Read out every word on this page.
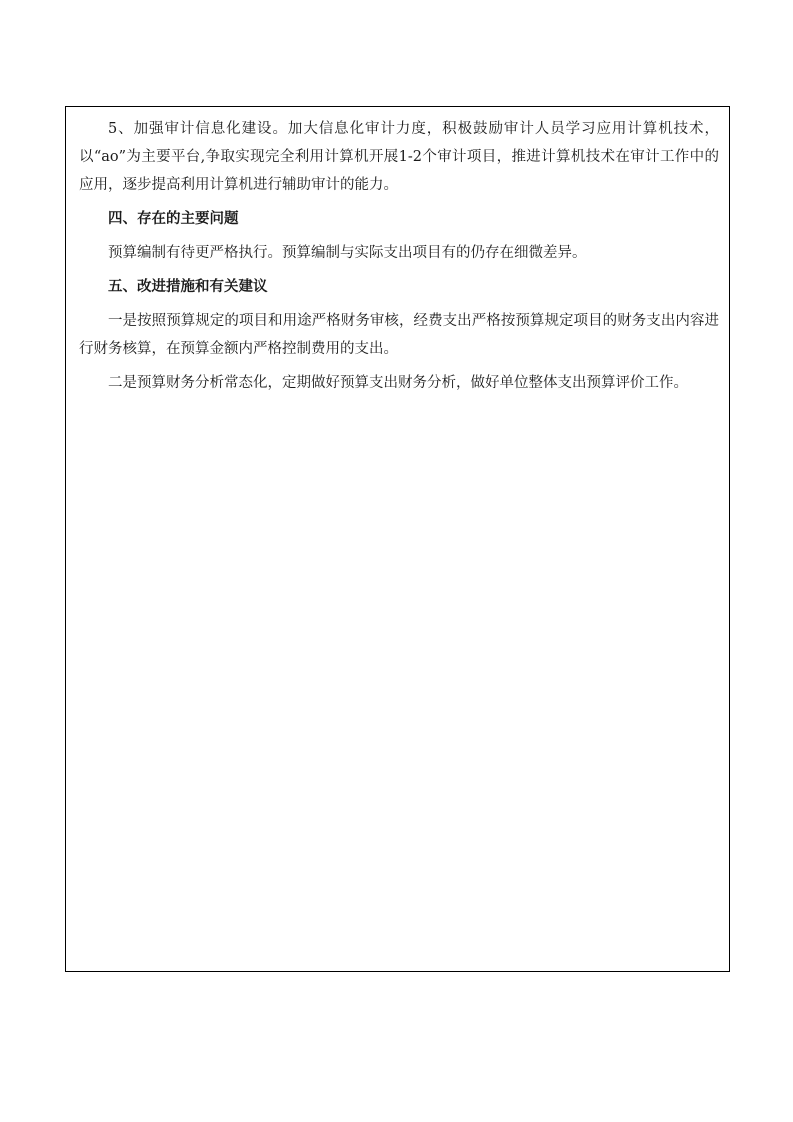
5、加强审计信息化建设。加大信息化审计力度，积极鼓励审计人员学习应用计算机技术，以“ao”为主要平台,争取实现完全利用计算机开展1-2个审计项目，推进计算机技术在审计工作中的应用，逐步提高利用计算机进行辅助审计的能力。

四、存在的主要问题

预算编制有待更严格执行。预算编制与实际支出项目有的仍存在细微差异。

五、改进措施和有关建议

一是按照预算规定的项目和用途严格财务审核，经费支出严格按预算规定项目的财务支出内容进行财务核算，在预算金额内严格控制费用的支出。

二是预算财务分析常态化，定期做好预算支出财务分析，做好单位整体支出预算评价工作。
